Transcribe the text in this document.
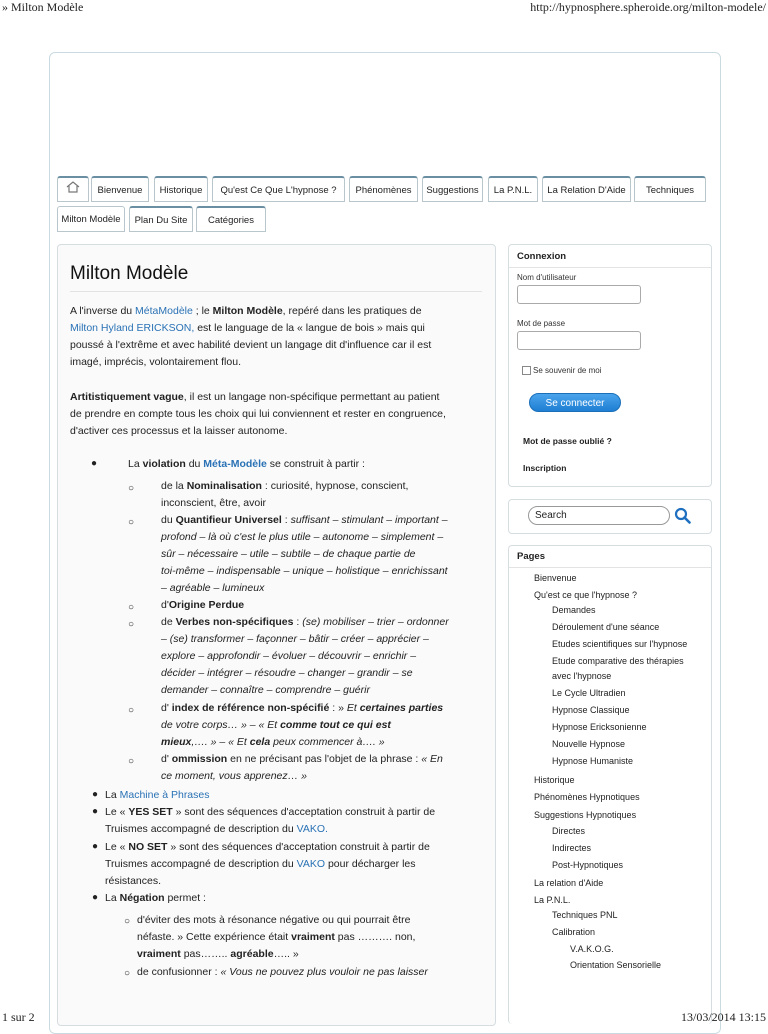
» Milton Modèle	http://hypnosphere.spheroide.org/milton-modele/
Bienvenue	Historique	Qu'est Ce Que L'hypnose ?	Phénomènes	Suggestions	La P.N.L.	La Relation D'Aide	Techniques
Milton Modèle	Plan Du Site	Catégories
Milton Modèle
A l'inverse du MétaModèle ; le Milton Modèle, repéré dans les pratiques de
Milton Hyland ERICKSON, est le language de la « langue de bois » mais qui
poussé à l'extrême et avec habilité devient un langage dit d'influence car il est
imagé, imprécis, volontairement flou.
Artitistiquement vague, il est un langage non-spécifique permettant au patient
de prendre en compte tous les choix qui lui conviennent et rester en congruence,
d'activer ces processus et la laisser autonome.
●	La violation du Méta-Modèle se construit à partir :
○	de la Nominalisation : curiosité, hypnose, conscient,
inconscient, être, avoir
○	du Quantifieur Universel : suffisant – stimulant – important –
profond – là où c'est le plus utile – autonome – simplement –
sûr – nécessaire – utile – subtile – de chaque partie de
toi-même – indispensable – unique – holistique – enrichissant
– agréable – lumineux
○	d'Origine Perdue
○	de Verbes non-spécifiques : (se) mobiliser – trier – ordonner
– (se) transformer – façonner – bâtir – créer – apprécier –
explore – approfondir – évoluer – découvrir – enrichir –
décider – intégrer – résoudre – changer – grandir – se
demander – connaître – comprendre – guérir
○	d' index de référence non-spécifié : » Et certaines parties
de votre corps… » – « Et comme tout ce qui est
mieux,…. » – « Et cela peux commencer à…. »
○	d' ommission en ne précisant pas l'objet de la phrase : « En
ce moment, vous apprenez… »
● La Machine à Phrases
● Le « YES SET » sont des séquences d'acceptation construit à partir de
Truismes accompagné de description du VAKO.
● Le « NO SET » sont des séquences d'acceptation construit à partir de
Truismes accompagné de description du VAKO pour décharger les
résistances.
● La Négation permet :
○ d'éviter des mots à résonance négative ou qui pourrait être
néfaste. » Cette expérience était vraiment pas ………. non,
vraiment pas…….. agréable….. »
○ de confusionner : « Vous ne pouvez plus vouloir ne pas laisser
Connexion
Nom d'utilisateur
Mot de passe
Se souvenir de moi
Se connecter
Mot de passe oublié ?
Inscription
Search
Pages
Bienvenue
Qu'est ce que l'hypnose ?
Demandes
Déroulement d'une séance
Etudes scientifiques sur l'hypnose
Etude comparative des thérapies
avec l'hypnose
Le Cycle Ultradien
Hypnose Classique
Hypnose Ericksonienne
Nouvelle Hypnose
Hypnose Humaniste
Historique
Phénomènes Hypnotiques
Suggestions Hypnotiques
Directes
Indirectes
Post-Hypnotiques
La relation d'Aide
La P.N.L.
Techniques PNL
Calibration
V.A.K.O.G.
Orientation Sensorielle
1 sur 2	13/03/2014 13:15
